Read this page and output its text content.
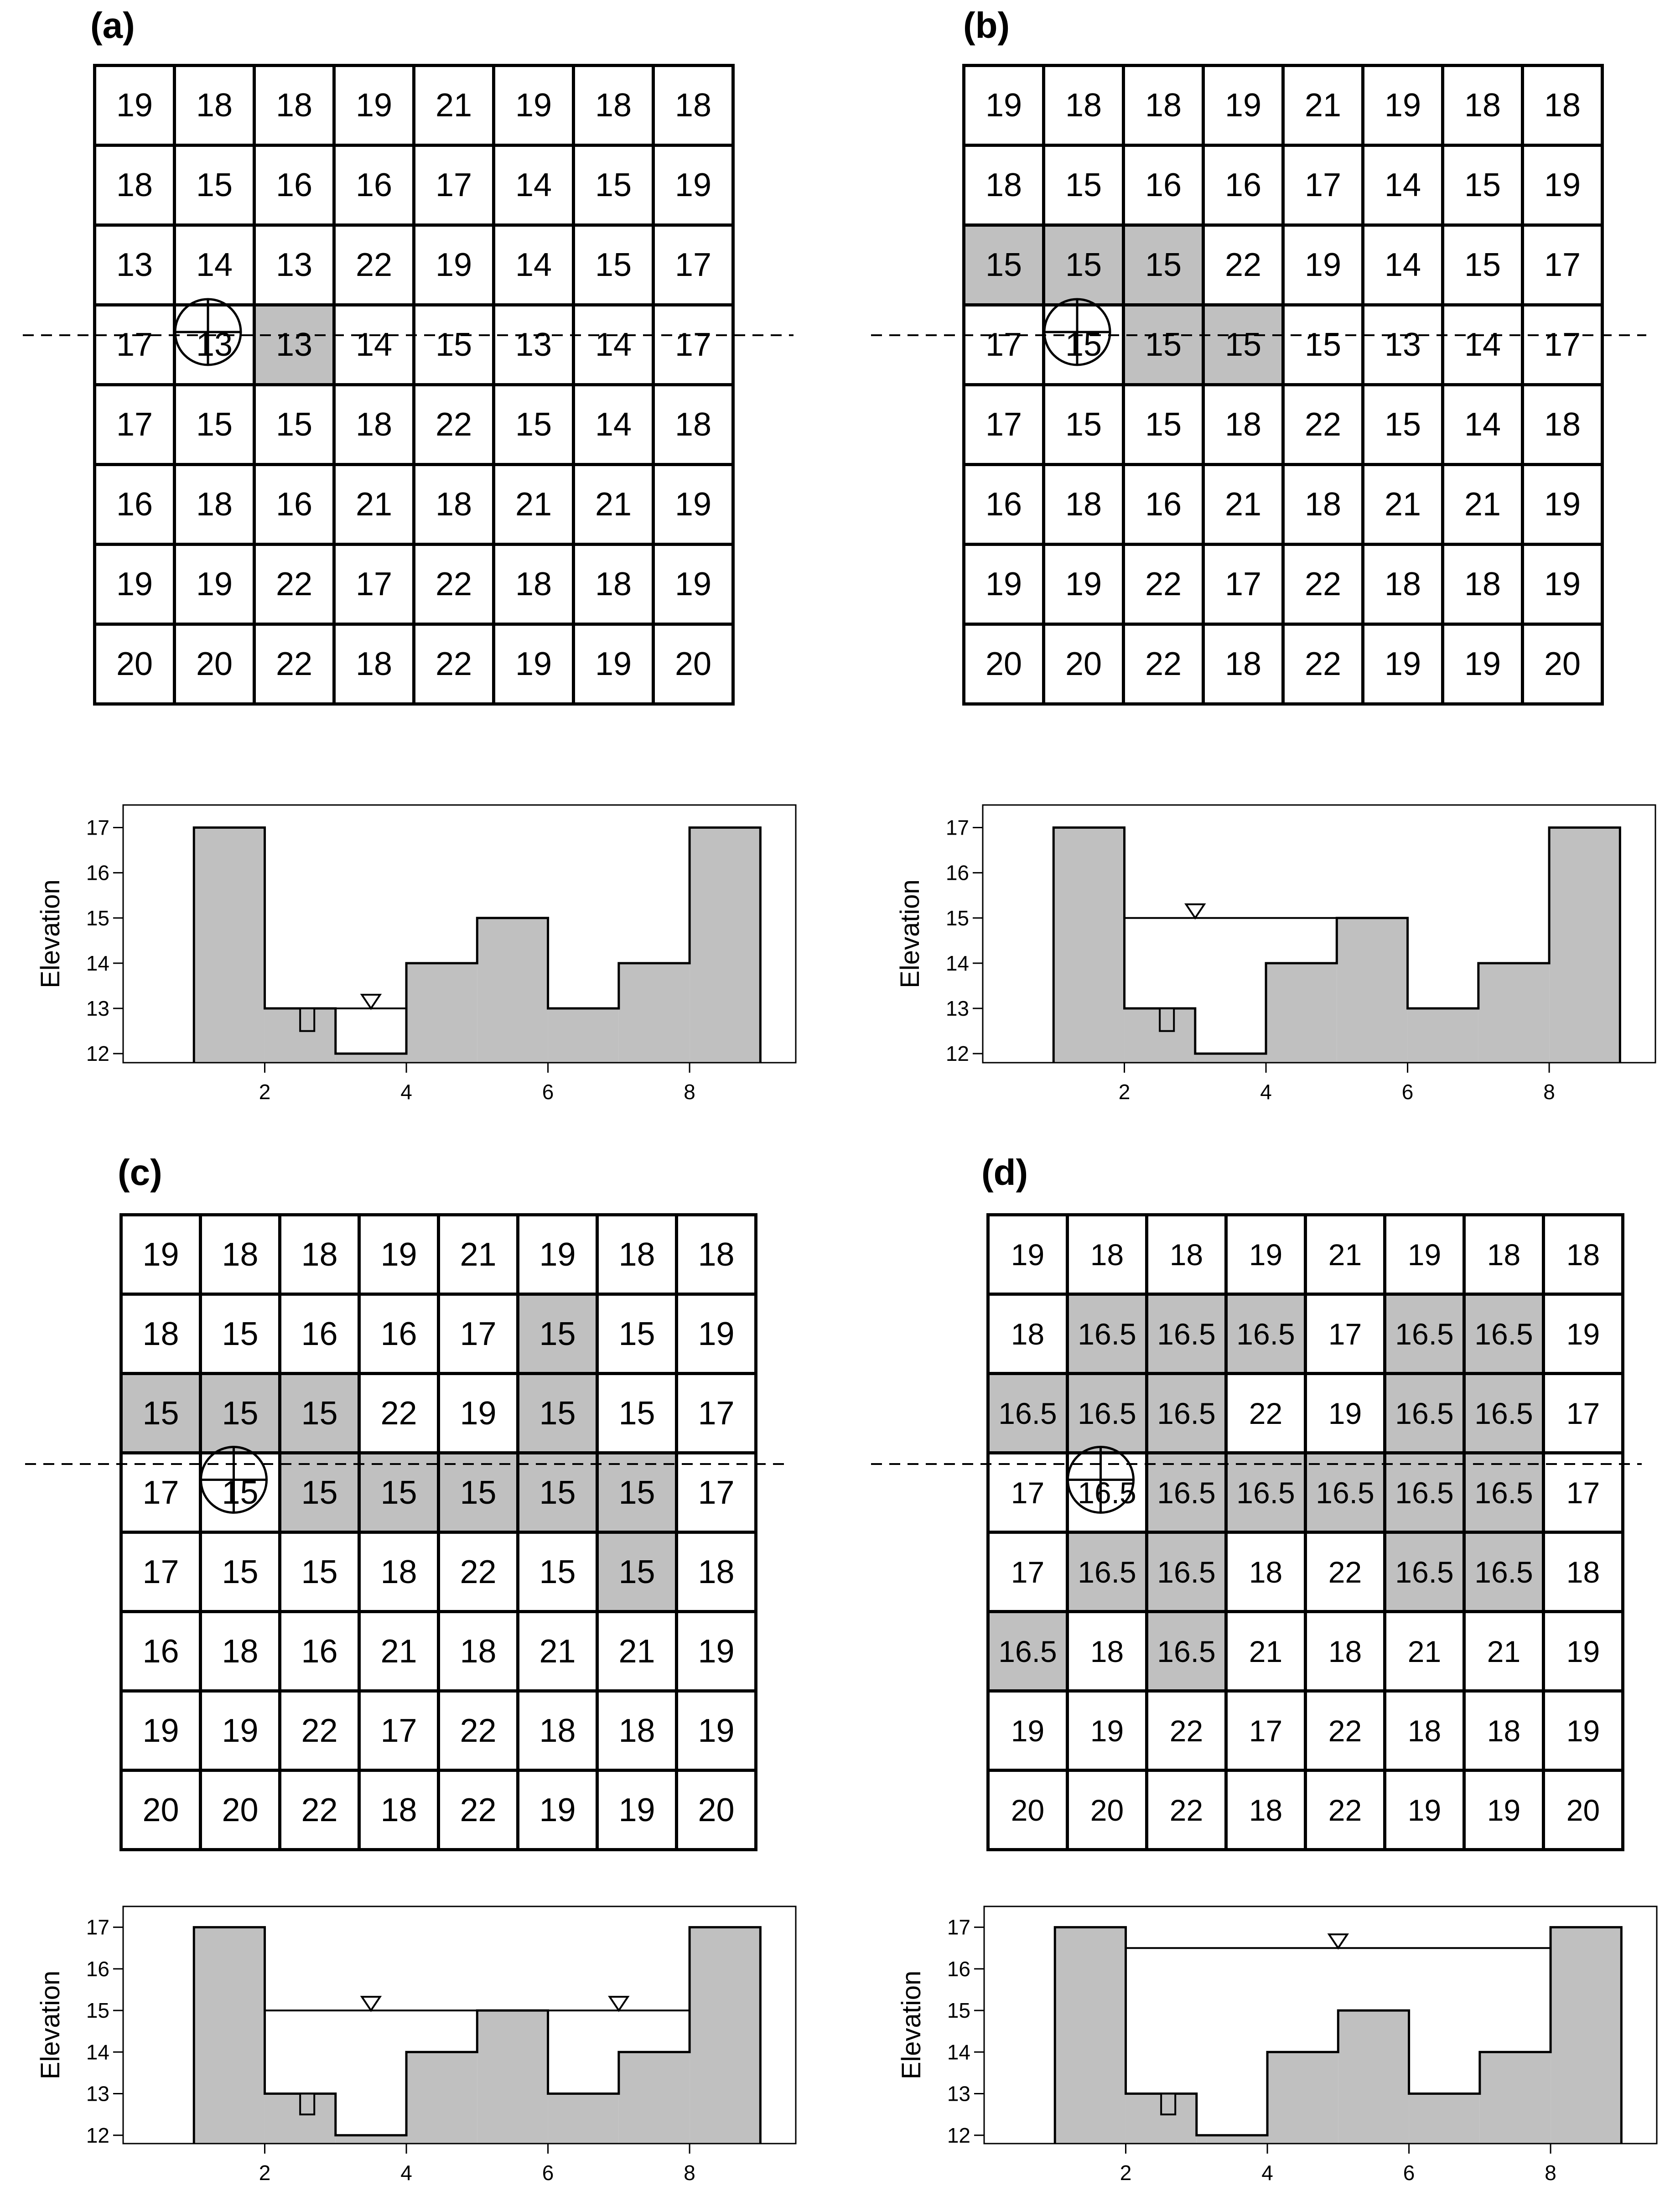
(a)	(b)
(c)	(d)
19	18	18	19	21	19	18	18
18	15	16	16	17	14	15	19
13	14	13	22	19	14	15	17
17	13	13	14	15	13	14	17
17	15	15	18	22	15	14	18
16	18	16	21	18	21	21	19
19	19	22	17	22	18	18	19
20	20	22	18	22	19	19	20
19	18	18	19	21	19	18	18
18	15	16	16	17	14	15	19
15	15	15	22	19	14	15	17
17	15	15	15	15	13	14	17
17	15	15	18	22	15	14	18
16	18	16	21	18	21	21	19
19	19	22	17	22	18	18	19
20	20	22	18	22	19	19	20
19	18	18	19	21	19	18	18
18	15	16	16	17	15	15	19
15	15	15	22	19	15	15	17
17	15	15	15	15	15	15	17
17	15	15	18	22	15	15	18
16	18	16	21	18	21	21	19
19	19	22	17	22	18	18	19
20	20	22	18	22	19	19	20
19	18	18	19	21	19	18	18
18	16.5	16.5	16.5	17	16.5	16.5	19
16.5	16.5	16.5	22	19	16.5	16.5	17
17	16.5	16.5	16.5	16.5	16.5	16.5	17
17	16.5	16.5	18	22	16.5	16.5	18
16.5	18	16.5	21	18	21	21	19
19	19	22	17	22	18	18	19
20	20	22	18	22	19	19	20
12
13
14
15
16
17
2	4	6	8
Elevation
12
13
14
15
16
17
2	4	6	8
Elevation
12
13
14
15
16
17
2	4	6	8
Elevation
12
13
14
15
16
17
2	4	6	8
Elevation
